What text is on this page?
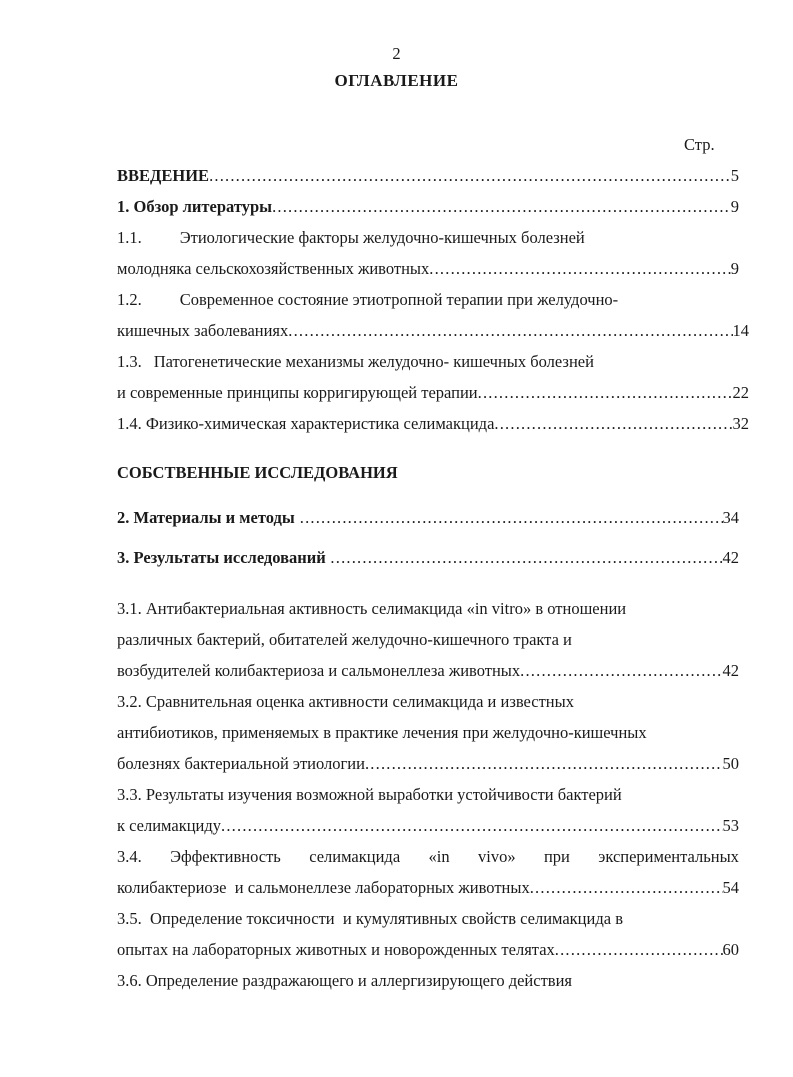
2
ОГЛАВЛЕНИЕ
Стр.
ВВЕДЕНИЕ .....	5
1. Обзор литературы .....	9
1.1. Этиологические факторы желудочно-кишечных болезней
молодняка сельскохозяйственных животных .....	9
1.2. Современное состояние этиотропной терапии при желудочно-
кишечных заболеваниях .....	14
1.3. Патогенетические механизмы желудочно- кишечных болезней
и современные принципы корригирующей терапии .....	22
1.4. Физико-химическая характеристика селимакцида .....	32
СОБСТВЕННЫЕ ИССЛЕДОВАНИЯ
2. Материалы и методы .....	34
3. Результаты исследований .....	42
3.1. Антибактериальная активность селимакцида «in vitro» в отношении
различных бактерий, обитателей желудочно-кишечного тракта и
возбудителей колибактериоза и сальмонеллеза животных .....	42
3.2. Сравнительная оценка активности селимакцида и известных
антибиотиков, применяемых в практике лечения при желудочно-кишечных
болезнях бактериальной этиологии .....	50
3.3. Результаты изучения возможной выработки устойчивости бактерий
к селимакциду .....	53
3.4. Эффективность селимакцида «in vivo» при экспериментальных
колибактериозе  и сальмонеллезе лабораторных животных .....	54
3.5.  Определение токсичности  и кумулятивных свойств селимакцида в
опытах на лабораторных животных и новорожденных телятах .....	60
3.6. Определение раздражающего и аллергизирующего действия
